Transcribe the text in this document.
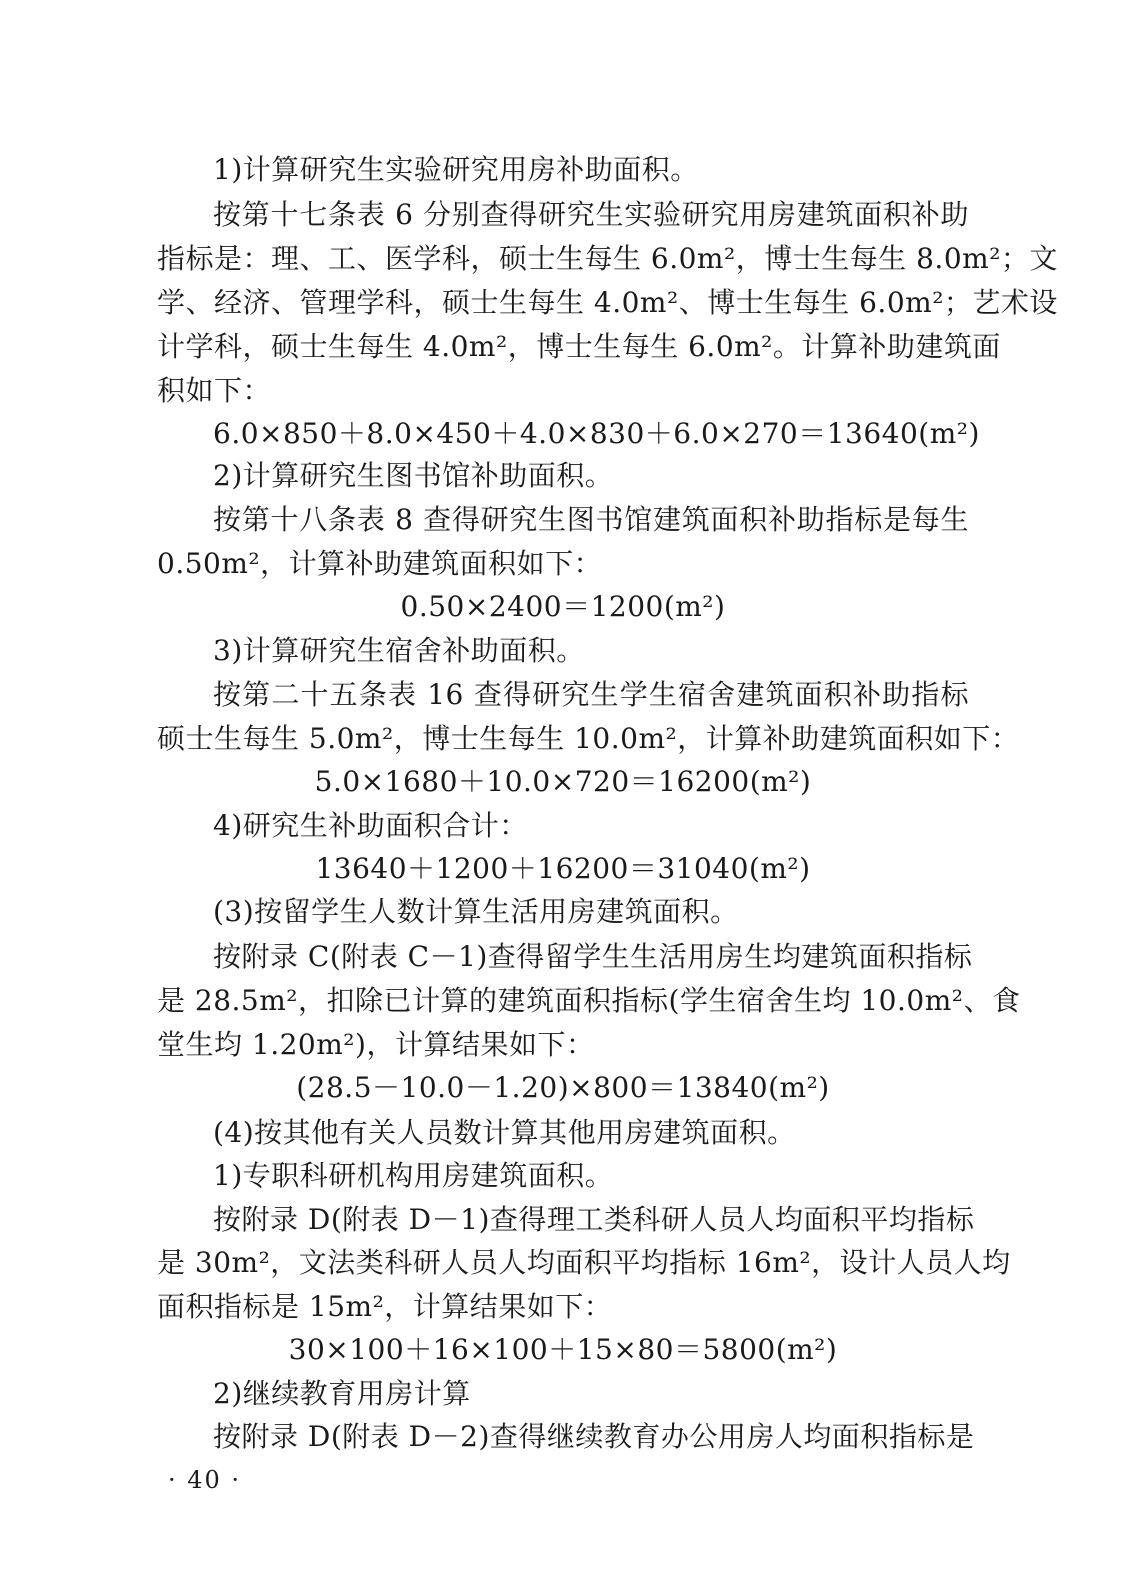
1)计算研究生实验研究用房补助面积。
按第十七条表 6 分别查得研究生实验研究用房建筑面积补助
指标是：理、工、医学科，硕士生每生 6.0m²，博士生每生 8.0m²；文
学、经济、管理学科，硕士生每生 4.0m²、博士生每生 6.0m²；艺术设
计学科，硕士生每生 4.0m²，博士生每生 6.0m²。计算补助建筑面
积如下：
6.0×850＋8.0×450＋4.0×830＋6.0×270＝13640(m²)
2)计算研究生图书馆补助面积。
按第十八条表 8 查得研究生图书馆建筑面积补助指标是每生
0.50m²，计算补助建筑面积如下：
0.50×2400＝1200(m²)
3)计算研究生宿舍补助面积。
按第二十五条表 16 查得研究生学生宿舍建筑面积补助指标
硕士生每生 5.0m²，博士生每生 10.0m²，计算补助建筑面积如下：
5.0×1680＋10.0×720＝16200(m²)
4)研究生补助面积合计：
13640＋1200＋16200＝31040(m²)
(3)按留学生人数计算生活用房建筑面积。
按附录 C(附表 C－1)查得留学生生活用房生均建筑面积指标
是 28.5m²，扣除已计算的建筑面积指标(学生宿舍生均 10.0m²、食
堂生均 1.20m²)，计算结果如下：
(28.5－10.0－1.20)×800＝13840(m²)
(4)按其他有关人员数计算其他用房建筑面积。
1)专职科研机构用房建筑面积。
按附录 D(附表 D－1)查得理工类科研人员人均面积平均指标
是 30m²，文法类科研人员人均面积平均指标 16m²，设计人员人均
面积指标是 15m²，计算结果如下：
30×100＋16×100＋15×80＝5800(m²)
2)继续教育用房计算
按附录 D(附表 D－2)查得继续教育办公用房人均面积指标是
· 40 ·
